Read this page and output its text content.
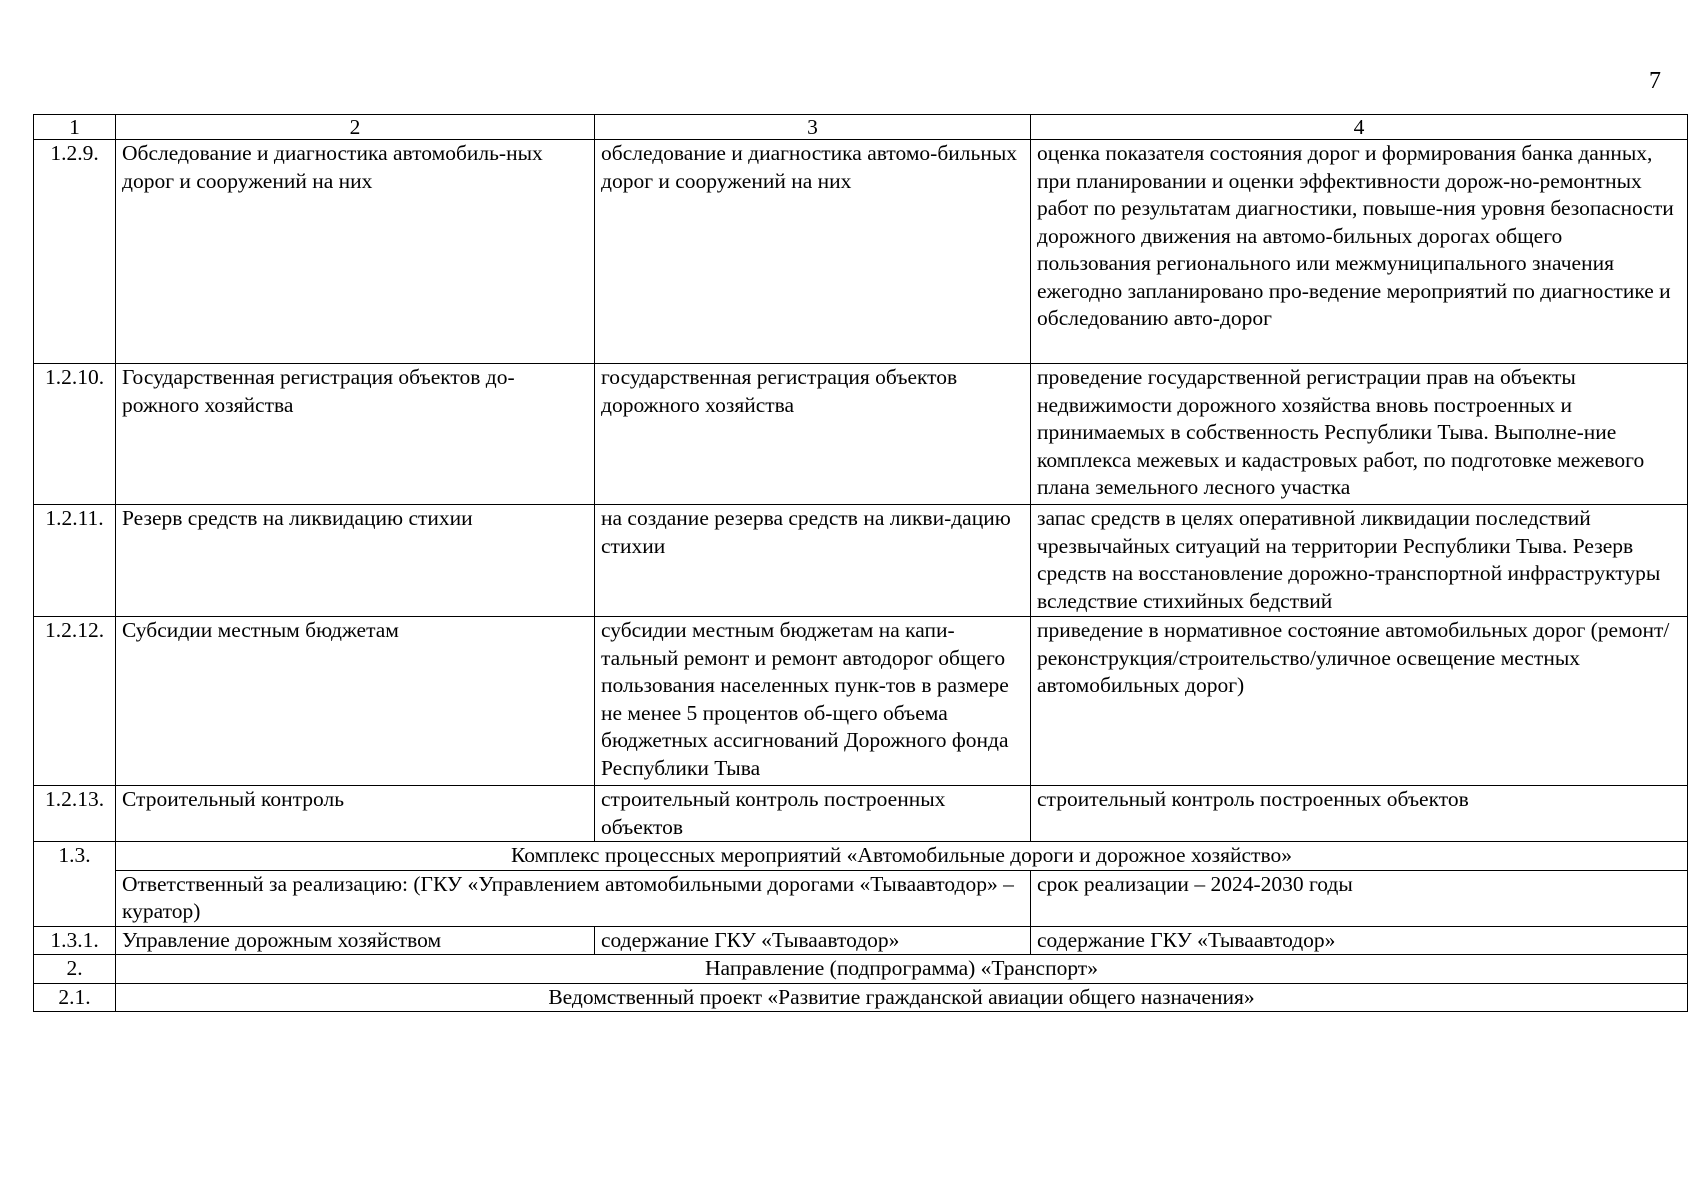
7
1	2	3	4
1.2.9.	Обследование и диагностика автомобиль-ных дорог и сооружений на них	обследование и диагностика автомо-бильных дорог и сооружений на них	оценка показателя состояния дорог и формирования банка данных, при планировании и оценки эффективности дорож-но-ремонтных работ по результатам диагностики, повыше-ния уровня безопасности дорожного движения на автомо-бильных дорогах общего пользования регионального или межмуниципального значения ежегодно запланировано про-ведение мероприятий по диагностике и обследованию авто-дорог
1.2.10.	Государственная регистрация объектов до-рожного хозяйства	государственная регистрация объектов дорожного хозяйства	проведение государственной регистрации прав на объекты недвижимости дорожного хозяйства вновь построенных и принимаемых в собственность Республики Тыва. Выполне-ние комплекса межевых и кадастровых работ, по подготовке межевого плана земельного лесного участка
1.2.11.	Резерв средств на ликвидацию стихии	на создание резерва средств на ликви-дацию стихии	запас средств в целях оперативной ликвидации последствий чрезвычайных ситуаций на территории Республики Тыва. Резерв средств на восстановление дорожно-транспортной инфраструктуры вследствие стихийных бедствий
1.2.12.	Субсидии местным бюджетам	субсидии местным бюджетам на капи-тальный ремонт и ремонт автодорог общего пользования населенных пунк-тов в размере не менее 5 процентов об-щего объема бюджетных ассигнований Дорожного фонда Республики Тыва	приведение в нормативное состояние автомобильных дорог (ремонт/реконструкция/строительство/уличное освещение местных автомобильных дорог)
1.2.13.	Строительный контроль	строительный контроль построенных объектов	строительный контроль построенных объектов
1.3.	Комплекс процессных мероприятий «Автомобильные дороги и дорожное хозяйство»		
	Ответственный за реализацию: (ГКУ «Управлением автомобильными дорогами «Тываавтодор» – куратор)		срок реализации – 2024-2030 годы
1.3.1.	Управление дорожным хозяйством	содержание ГКУ «Тываавтодор»	содержание ГКУ «Тываавтодор»
2.	Направление (подпрограмма) «Транспорт»		
2.1.	Ведомственный проект «Развитие гражданской авиации общего назначения»		
